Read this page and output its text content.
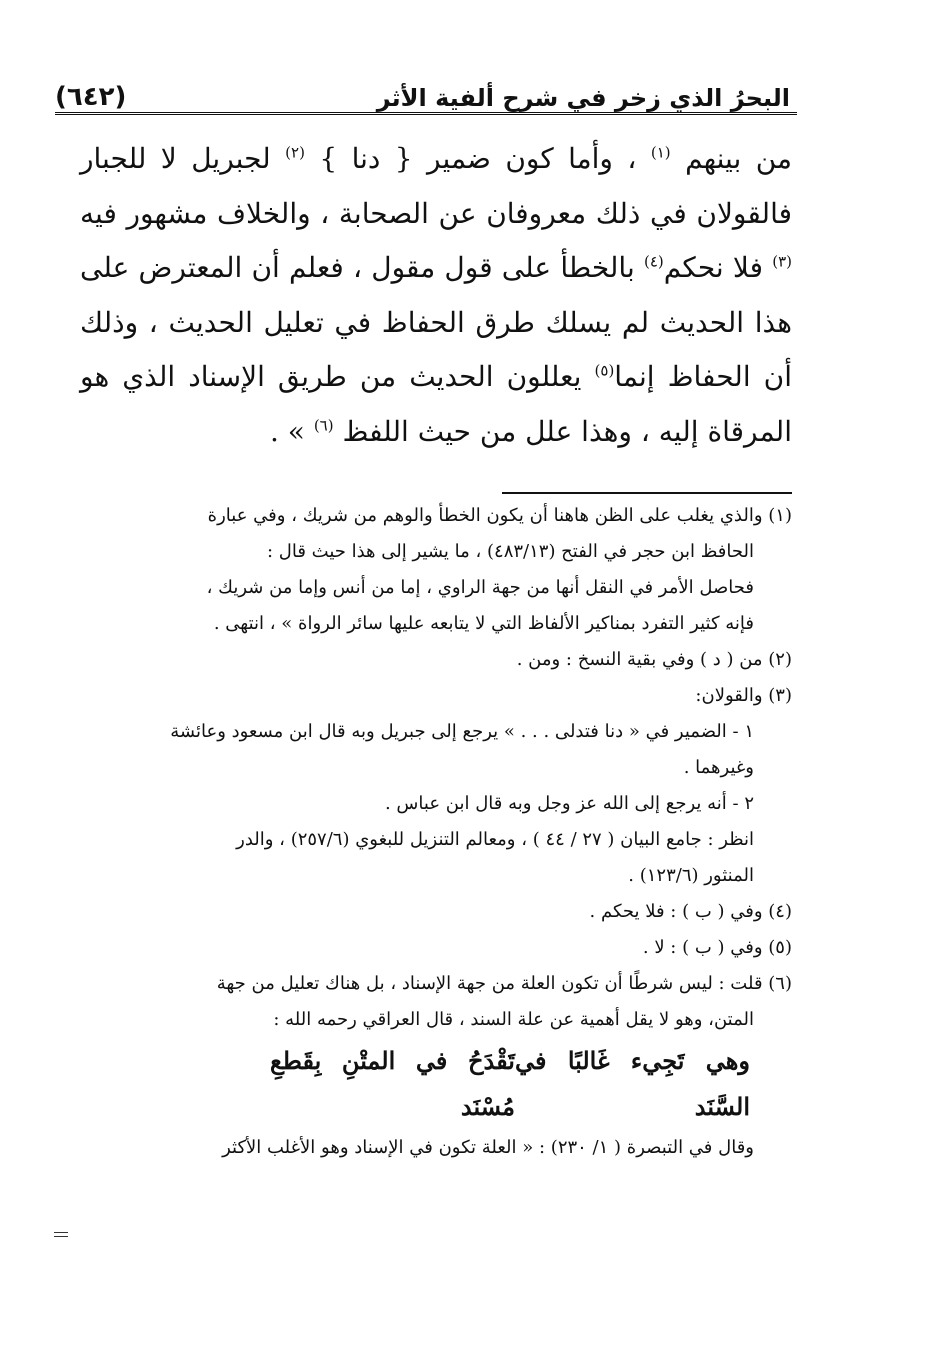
البحرُ الذي زخر في شرح ألفية الأثر
(٦٤٢)

من بينهم $^{(١)}$ ، وأما كون ضمير { دنا } $^{(٢)}$ لجبريل لا للجبار فالقولان في ذلك معروفان عن الصحابة ، والخلاف مشهور فيه $^{(٣)}$ فلا نحكم$^{(٤)}$ بالخطأ على قول مقول ، فعلم أن المعترض على هذا الحديث لم يسلك طرق الحفاظ في تعليل الحديث ، وذلك أن الحفاظ إنما$^{(٥)}$ يعللون الحديث من طريق الإسناد الذي هو المرقاة إليه ، وهذا علل من حيث اللفظ $^{(٦)}$ » .

(١) والذي يغلب على الظن هاهنا أن يكون الخطأ والوهم من شريك ، وفي عبارة

الحافظ ابن حجر في الفتح (٤٨٣/١٣) ، ما يشير إلى هذا حيث قال :

فحاصل الأمر في النقل أنها من جهة الراوي ، إما من أنس وإما من شريك ،

فإنه كثير التفرد بمناكير الألفاظ التي لا يتابعه عليها سائر الرواة » ، انتهى .

(٢) من ( د ) وفي بقية النسخ : ومن .

(٣) والقولان:

١ - الضمير في « دنا فتدلى . . . » يرجع إلى جبريل وبه قال ابن مسعود وعائشة

وغيرهما .

٢ - أنه يرجع إلى الله عز وجل وبه قال ابن عباس .

انظر : جامع البيان ( ٢٧ / ٤٤ ) ، ومعالم التنزيل للبغوي (٢٥٧/٦) ، والدر

المنثور (١٢٣/٦) .

(٤) وفي ( ب ) : فلا يحكم .

(٥) وفي ( ب ) : لا .

(٦) قلت : ليس شرطًا أن تكون العلة من جهة الإسناد ، بل هناك تعليل من جهة

المتن، وهو لا يقل أهمية عن علة السند ، قال العراقي رحمه الله :

وهي تَجِيء غَالبًا في السَّنَد
تَقْدَحُ في المتْنِ بِقَطعِ مُسْنَد

وقال في التبصرة ( ١/ ٢٣٠) : « العلة تكون في الإسناد وهو الأغلب الأكثر
